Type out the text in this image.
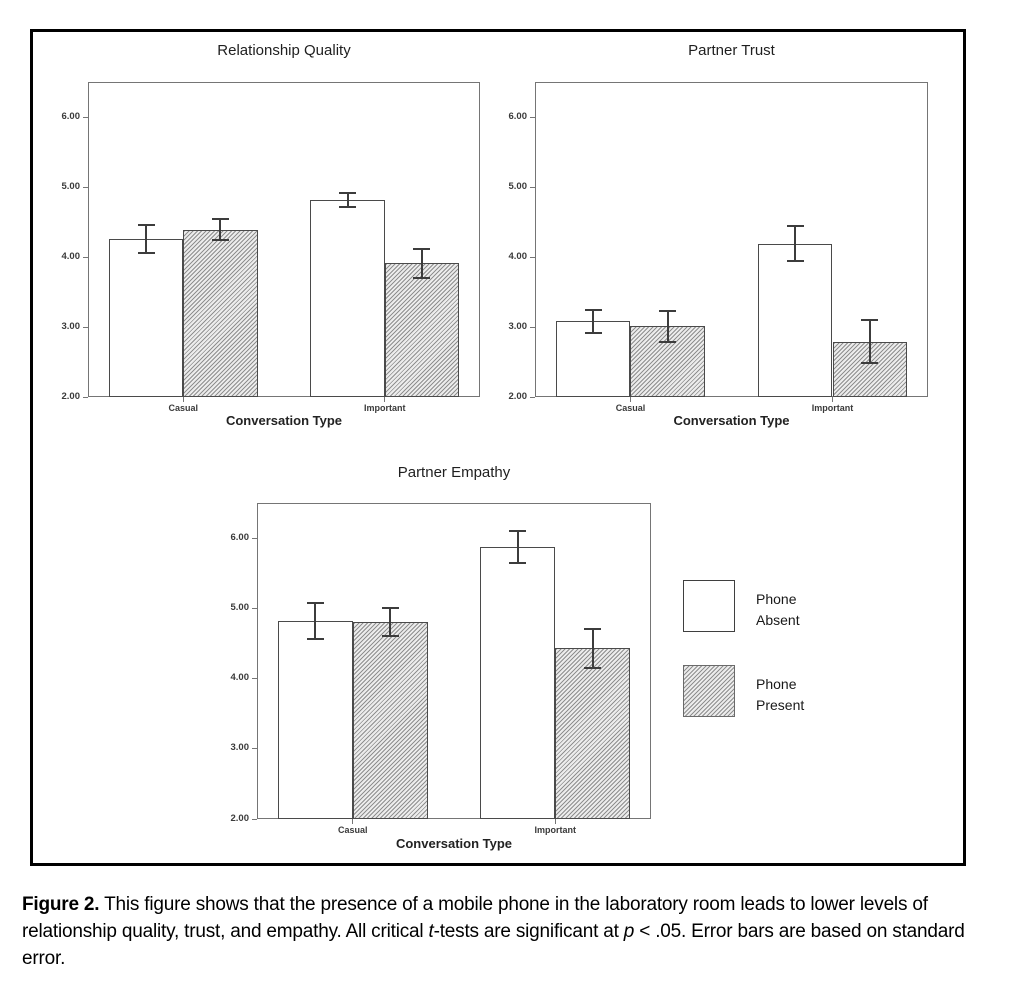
Relationship Quality	Partner Trust
Partner Empathy
Conversation Type	Conversation Type
Conversation Type
Phone Absent
Phone Present
2.00
3.00
4.00
5.00
6.00
Casual	Important
2.00
3.00
4.00
5.00
6.00
Casual	Important
2.00
3.00
4.00
5.00
6.00
Casual	Important

Figure 2. This figure shows that the presence of a mobile phone in the laboratory room leads to lower levels of relationship quality, trust, and empathy. All critical t-tests are significant at p < .05. Error bars are based on standard error.
